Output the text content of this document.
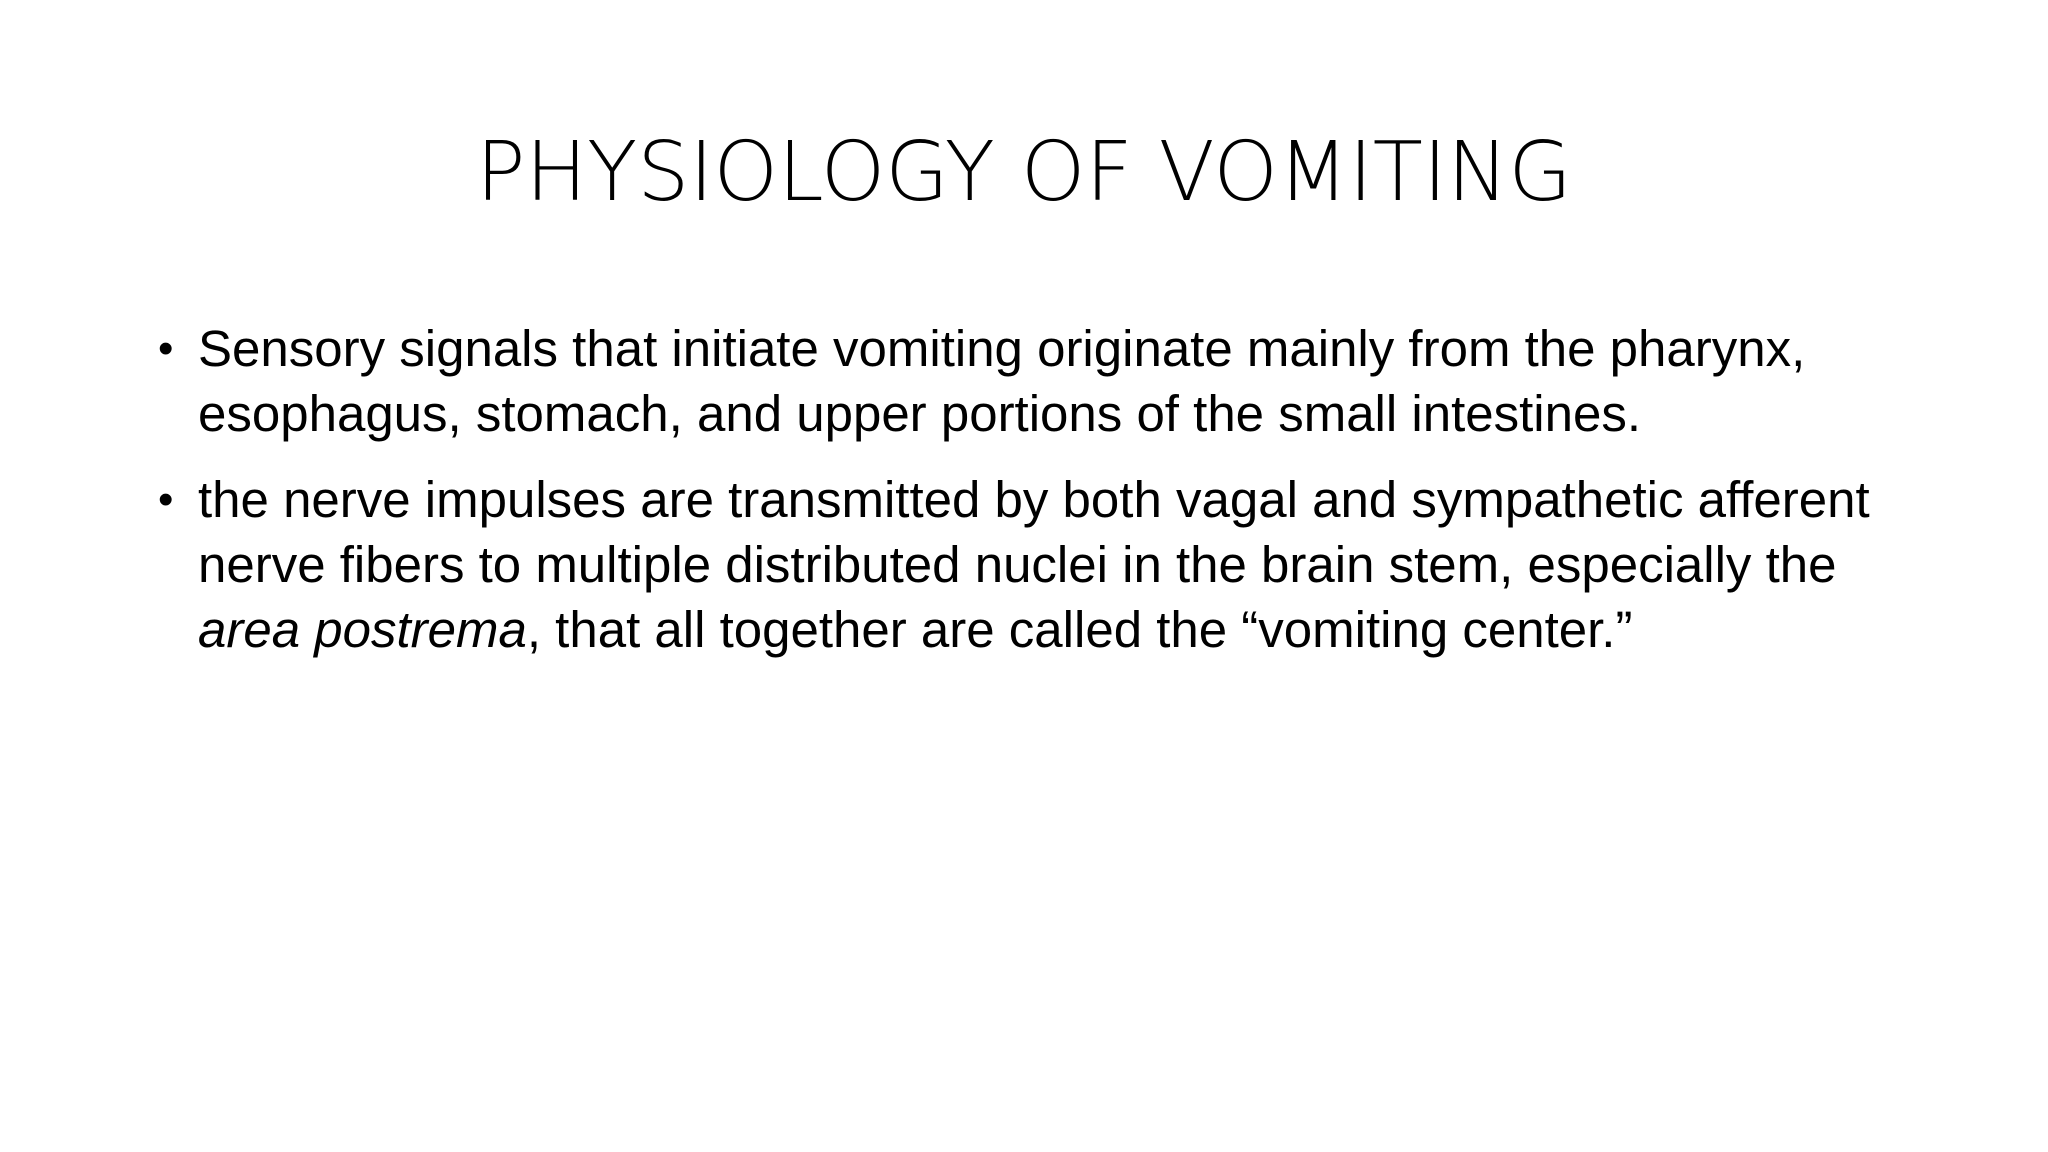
PHYSIOLOGY OF VOMITING
• Sensory signals that initiate vomiting originate mainly from the pharynx, esophagus, stomach, and upper portions of the small intestines.
• the nerve impulses are transmitted by both vagal and sympathetic afferent nerve fibers to multiple distributed nuclei in the brain stem, especially the area postrema, that all together are called the “vomiting center.”
